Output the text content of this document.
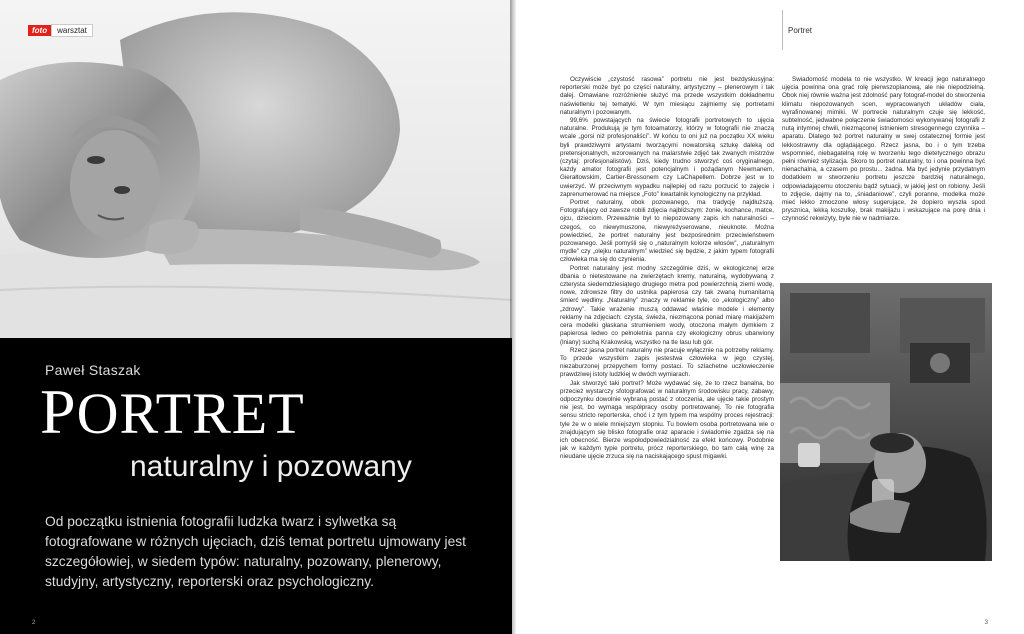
foto	warsztat
Paweł Staszak
PORTRET
naturalny i pozowany
Od początku istnienia fotografii ludzka twarz i sylwetka są fotografowane w różnych ujęciach, dziś temat portretu ujmowany jest szczegółowiej, w siedem typów: naturalny, pozowany, plenerowy, studyjny, artystyczny, reporterski oraz psychologiczny.
2
Portret

Oczywiście „czystość rasowa” portretu nie jest bezdyskusyjna: reporterski może być po części naturalny, artystyczny – plenerowym i tak dalej. Omawiane rozróżnienie służyć ma przede wszystkim dokładnemu naświetleniu tej tematyki. W tym miesiącu zajmiemy się portretami naturalnym i pozowanym.

99,6% powstających na świecie fotografii portretowych to ujęcia naturalne. Produkują je tym fotoamatorzy, którzy w fotografii nie znaczą wcale „gorsi niż profesjonaliści”. W końcu to oni już na początku XX wieku byli prawdziwymi artystami tworzącymi nowatorską sztukę daleką od pretensjonalnych, wzorowanych na malarstwie zdjęć tak zwanych mistrzów (czytaj: profesjonalistów). Dziś, kiedy trudno stworzyć coś oryginalnego, każdy amator fotografii jest potencjalnym i pożądanym Newmanem, Gierałtowskim, Cartier-Bressonem czy LaChapellem. Dobrze jest w to uwierzyć. W przeciwnym wypadku najlepiej od razu porzucić to zajęcie i zaprenumerować na miejsce „Foto” kwartalnik kynologiczny na przykład.

Portret naturalny, obok pozowanego, ma tradycję najdłuższą. Fotografujący od zawsze robili zdjęcia najbliższym: żonie, kochance, matce, ojcu, dzieciom. Przeważnie był to niepozowany zapis ich naturalności – czegoś, co niewymuszone, niewyreżyserowane, nieuknote. Można powiedzieć, że portret naturalny jest bezpośrednim przeciwieństwem pozowanego. Jeśli pomyśli się o „naturalnym kolorze włosów”, „naturalnym mydle” czy „olejku naturalnym” wiedzieć się będzie, z jakim typem fotografii człowieka ma się do czynienia.

Portret naturalny jest modny szczególnie dziś, w ekologicznej erze dbania o nietestowane na zwierzętach kremy, naturalną, wydobywaną z czterysta siedemdziesiątego drugiego metra pod powierzchnią ziemi wodę, nowe, zdrowsze filtry do ustnika papierosa czy tak zwaną humanitarną śmierć wędliny. „Naturalny” znaczy w reklamie tyle, co „ekologiczny” albo „zdrowy”. Takie wrażenie muszą oddawać właśnie modele i elementy reklamy na zdjęciach: czysta, świeża, niezmącona ponad miarę makijażem cera modelki głaskana strumieniem wody, otoczona małym dymkiem z papierosa ledwo co pełnoletnia panna czy ekologiczny obrus ubarwiony (lniany) suchą Krakowską, wszystko na tle lasu lub gór.

Rzecz jasna portret naturalny nie pracuje wyłącznie na potrzeby reklamy. To przede wszystkim zapis jestestwa człowieka w jego czystej, niezaburzonej przepychem formy postaci. To szlachetne uczłowieczenie prawdziwej istoty ludzkiej w dwóch wymiarach.

Jak stworzyć taki portret? Może wydawać się, że to rzecz banalna, bo przecież wystarczy sfotografować w naturalnym środowisku pracy, zabawy, odpoczynku dowolnie wybraną postać z otoczenia, ale ujęcie takie prostym nie jest, bo wymaga współpracy osoby portretowanej. To nie fotografia sensu stricto reporterska, choć i z tym typem ma wspólny proces rejestracji: tyle że w o wiele mniejszym stopniu. Tu bowiem osoba portretowana wie o znajdującym się blisko fotografie oraz aparacie i świadomie zgadza się na ich obecność. Bierze współodpowiedzialność za efekt końcowy. Podobnie jak w każdym typie portretu, prócz reporterskiego, bo tam całą winę za nieudane ujęcie zrzuca się na naciskającego spust migawki.

Świadomość modela to nie wszystko. W kreacji jego naturalnego ujęcia powinna ona grać rolę pierwszoplanową, ale nie niepodzielną. Obok niej równie ważna jest zdolność pary fotograf-model do stworzenia klimatu niepozowanych scen, wypracowanych układów ciała, wyrafinowanej mimiki. W portrecie naturalnym czuje się lekkość, subtelność, jedwabne połączenie świadomości wykonywanej fotografii z nutą intymnej chwili, niezmąconej istnieniem stresogennego czynnika – aparatu. Dlatego też portret naturalny w swej ostatecznej formie jest lekkostrawny dla oglądającego. Rzecz jasna, bo i o tym trzeba wspomnieć, niebagatelną rolę w tworzeniu tego dietetycznego obrazu pełni również stylizacja. Skoro to portret naturalny, to i ona powinna być nienachalna, a czasem po prostu... żadna. Ma być jedynie przydatnym dodatkiem w stworzeniu portretu jeszcze bardziej naturalnego, odpowiadającemu otoczeniu bądź sytuacji, w jakiej jest on robiony. Jeśli to zdjęcie, dajmy na to, „śniadaniowe”, czyli poranne, modelka może mieć lekko zmoczone włosy sugerujące, że dopiero wyszła spod prysznica, lekką koszulkę, brak makijażu i wskazujące na porę dnia i czynność rekwizyty, byle nie w nadmiarze.

3
